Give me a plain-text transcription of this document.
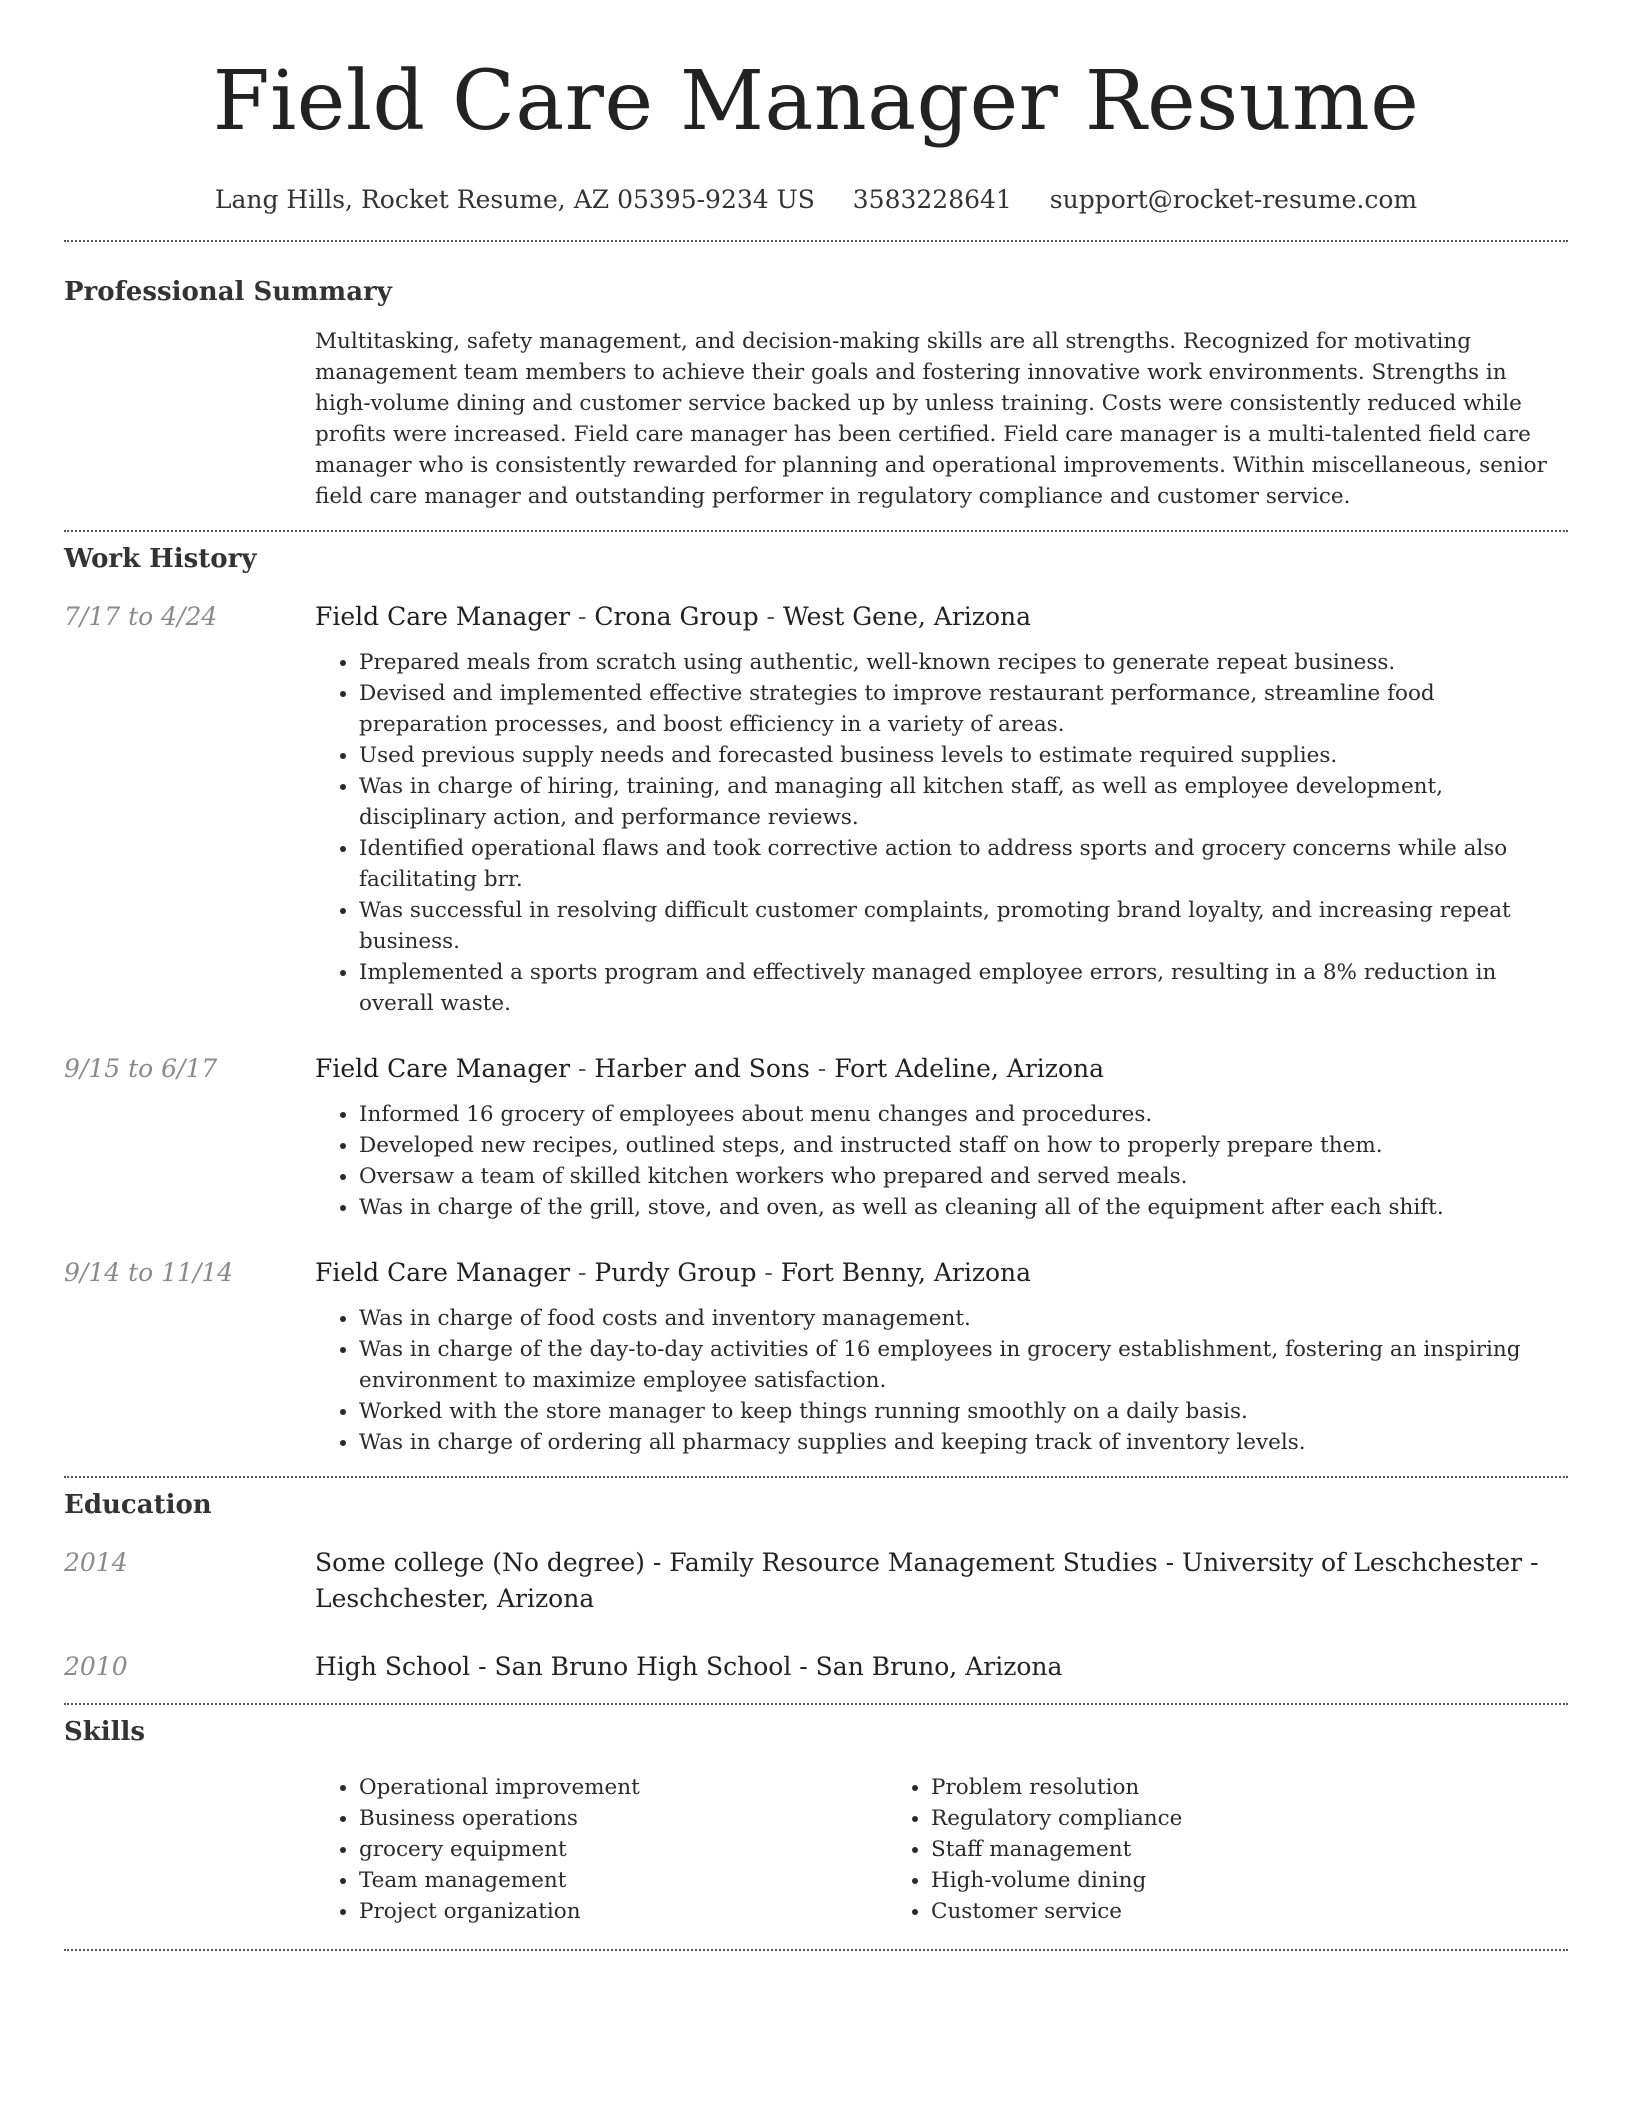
Field Care Manager Resume
Lang Hills, Rocket Resume, AZ 05395-9234 US 3583228641 support@rocket-resume.com
Professional Summary

Multitasking, safety management, and decision-making skills are all strengths. Recognized for motivating management team members to achieve their goals and fostering innovative work environments. Strengths in high-volume dining and customer service backed up by unless training. Costs were consistently reduced while profits were increased. Field care manager has been certified. Field care manager is a multi-talented field care manager who is consistently rewarded for planning and operational improvements. Within miscellaneous, senior field care manager and outstanding performer in regulatory compliance and customer service.

Work History
7/17 to 4/24	Field Care Manager - Crona Group - West Gene, Arizona
• Prepared meals from scratch using authentic, well-known recipes to generate repeat business.
• Devised and implemented effective strategies to improve restaurant performance, streamline food preparation processes, and boost efficiency in a variety of areas.
• Used previous supply needs and forecasted business levels to estimate required supplies.
• Was in charge of hiring, training, and managing all kitchen staff, as well as employee development, disciplinary action, and performance reviews.
• Identified operational flaws and took corrective action to address sports and grocery concerns while also facilitating brr.
• Was successful in resolving difficult customer complaints, promoting brand loyalty, and increasing repeat business.
• Implemented a sports program and effectively managed employee errors, resulting in a 8% reduction in overall waste.
9/15 to 6/17	Field Care Manager - Harber and Sons - Fort Adeline, Arizona
• Informed 16 grocery of employees about menu changes and procedures.
• Developed new recipes, outlined steps, and instructed staff on how to properly prepare them.
• Oversaw a team of skilled kitchen workers who prepared and served meals.
• Was in charge of the grill, stove, and oven, as well as cleaning all of the equipment after each shift.
9/14 to 11/14	Field Care Manager - Purdy Group - Fort Benny, Arizona
• Was in charge of food costs and inventory management.
• Was in charge of the day-to-day activities of 16 employees in grocery establishment, fostering an inspiring environment to maximize employee satisfaction.
• Worked with the store manager to keep things running smoothly on a daily basis.
• Was in charge of ordering all pharmacy supplies and keeping track of inventory levels.
Education
2014	Some college (No degree) - Family Resource Management Studies - University of Leschchester - Leschchester, Arizona
2010	High School - San Bruno High School - San Bruno, Arizona
Skills
• Operational improvement
• Business operations
• grocery equipment
• Team management
• Project organization
• Problem resolution
• Regulatory compliance
• Staff management
• High-volume dining
• Customer service
